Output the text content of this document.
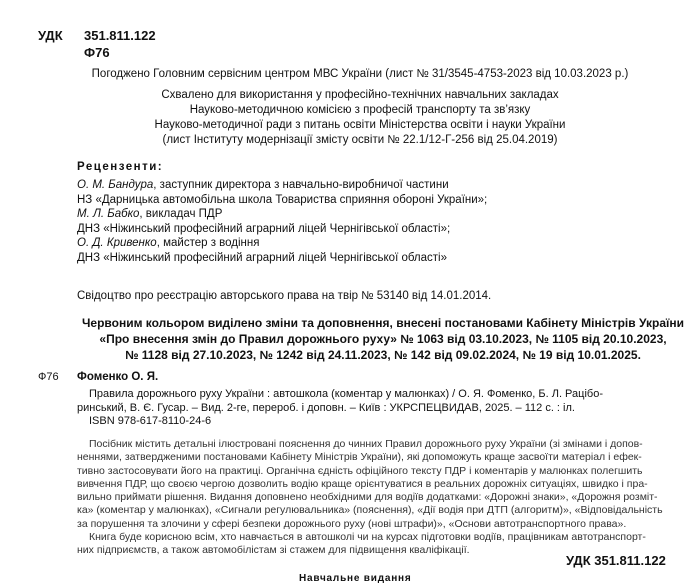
УДК 351.811.122
Ф76
Погоджено Головним сервісним центром МВС України (лист № 31/3545-4753-2023 від 10.03.2023 р.)
Схвалено для використання у професійно-технічних навчальних закладах
Науково-методичною комісією з професій транспорту та зв’язку
Науково-методичної ради з питань освіти Міністерства освіти і науки України
(лист Інституту модернізації змісту освіти № 22.1/12-Г-256 від 25.04.2019)
Рецензенти:
О. М. Бандура, заступник директора з навчально-виробничої частини
НЗ «Дарницька автомобільна школа Товариства сприяння обороні України»;
М. Л. Бабко, викладач ПДР
ДНЗ «Ніжинський професійний аграрний ліцей Чернігівської області»;
О. Д. Кривенко, майстер з водіння
ДНЗ «Ніжинський професійний аграрний ліцей Чернігівської області»
Свідоцтво про реєстрацію авторського права на твір № 53140 від 14.01.2014.
Червоним кольором виділено зміни та доповнення, внесені постановами Кабінету Міністрів України
«Про внесення змін до Правил дорожнього руху» № 1063 від 03.10.2023, № 1105 від 20.10.2023,
№ 1128 від 27.10.2023, № 1242 від 24.11.2023, № 142 від 09.02.2024, № 19 від 10.01.2025.
Ф76 Фоменко О. Я.
Правила дорожнього руху України : автошкола (коментар у малюнках) / О. Я. Фоменко, Б. Л. Рацібо-
ринський, В. Є. Гусар. – Вид. 2-ге, перероб. і доповн. – Київ : УКРСПЕЦВИДАВ, 2025. – 112 с. : іл.
ISBN 978-617-8110-24-6
Посібник містить детальні ілюстровані пояснення до чинних Правил дорожнього руху України (зі змінами і допов-
неннями, затвердженими постановами Кабінету Міністрів України), які допоможуть краще засвоїти матеріал і ефек-
тивно застосовувати його на практиці. Органічна єдність офіційного тексту ПДР і коментарів у малюнках полегшить
вивчення ПДР, що своєю чергою дозволить водію краще орієнтуватися в реальних дорожніх ситуаціях, швидко і пра-
вильно приймати рішення. Видання доповнено необхідними для водіїв додатками: «Дорожні знаки», «Дорожня розміт-
ка» (коментар у малюнках), «Сигнали регулювальника» (пояснення), «Дії водія при ДТП (алгоритм)», «Відповідальність
за порушення та злочини у сфері безпеки дорожнього руху (нові штрафи)», «Основи автотранспортного права».
Книга буде корисною всім, хто навчається в автошколі чи на курсах підготовки водіїв, працівникам автотранспорт-
них підприємств, а також автомобілістам зі стажем для підвищення кваліфікації.
УДК 351.811.122
Навчальне видання
